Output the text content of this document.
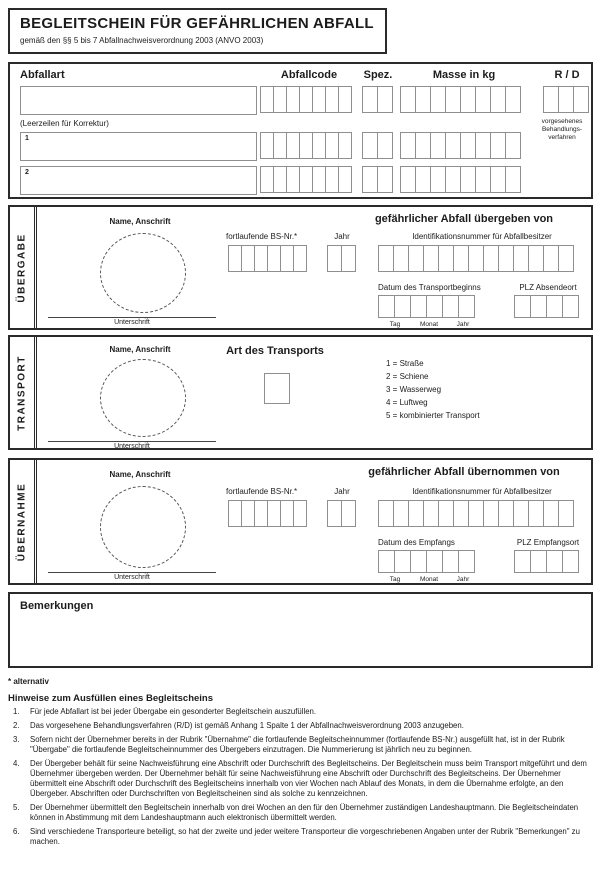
BEGLEITSCHEIN FÜR GEFÄHRLICHEN ABFALL
gemäß den §§ 5 bis 7 Abfallnachweisverordnung 2003 (ANVO 2003)
Abfallart	Abfallcode	Spez.	Masse in kg	R / D
(Leerzeilen für Korrektur)	vorgesehenes Behandlungs- verfahren
1
2
ÜBERGABE
Name, Anschrift
Unterschrift
gefährlicher Abfall übergeben von
fortlaufende BS-Nr.*	Jahr	Identifikationsnummer für Abfallbesitzer
Datum des Transportbeginns
Tag	Monat	Jahr
PLZ Absendeort
TRANSPORT
Name, Anschrift
Unterschrift
Art des Transports
1 = Straße
2 = Schiene
3 = Wasserweg
4 = Luftweg
5 = kombinierter Transport
ÜBERNAHME
Name, Anschrift
Unterschrift
gefährlicher Abfall übernommen von
fortlaufende BS-Nr.*	Jahr	Identifikationsnummer für Abfallbesitzer
Datum des Empfangs
Tag	Monat	Jahr
PLZ Empfangsort
Bemerkungen
* alternativ
Hinweise zum Ausfüllen eines Begleitscheins
Für jede Abfallart ist bei jeder Übergabe ein gesonderter Begleitschein auszufüllen.
Das vorgesehene Behandlungsverfahren (R/D) ist gemäß Anhang 1 Spalte 1 der Abfallnachweisverordnung 2003 anzugeben.
Sofern nicht der Übernehmer bereits in der Rubrik "Übernahme" die fortlaufende Begleitscheinnummer (fortlaufende BS-Nr.) ausgefüllt hat, ist in der Rubrik "Übergabe" die fortlaufende Begleitscheinnummer des Übergebers einzutragen. Die Nummerierung ist jährlich neu zu beginnen.
Der Übergeber behält für seine Nachweisführung eine Abschrift oder Durchschrift des Begleitscheins. Der Begleitschein muss beim Transport mitgeführt und dem Übernehmer übergeben werden. Der Übernehmer behält für seine Nachweisführung eine Abschrift oder Durchschrift des Begleitscheins. Der Übernehmer übermittelt eine Abschrift oder Durchschrift des Begleitscheins innerhalb von vier Wochen nach Ablauf des Monats, in dem die Übernahme erfolgte, an den Übergeber. Abschriften oder Durchschriften von Begleitscheinen sind als solche zu kennzeichnen.
Der Übernehmer übermittelt den Begleitschein innerhalb von drei Wochen an den für den Übernehmer zuständigen Landeshauptmann. Die Begleitscheindaten können in Abstimmung mit dem Landeshauptmann auch elektronisch übermittelt werden.
Sind verschiedene Transporteure beteiligt, so hat der zweite und jeder weitere Transporteur die vorgeschriebenen Angaben unter der Rubrik "Bemerkungen" zu machen.
